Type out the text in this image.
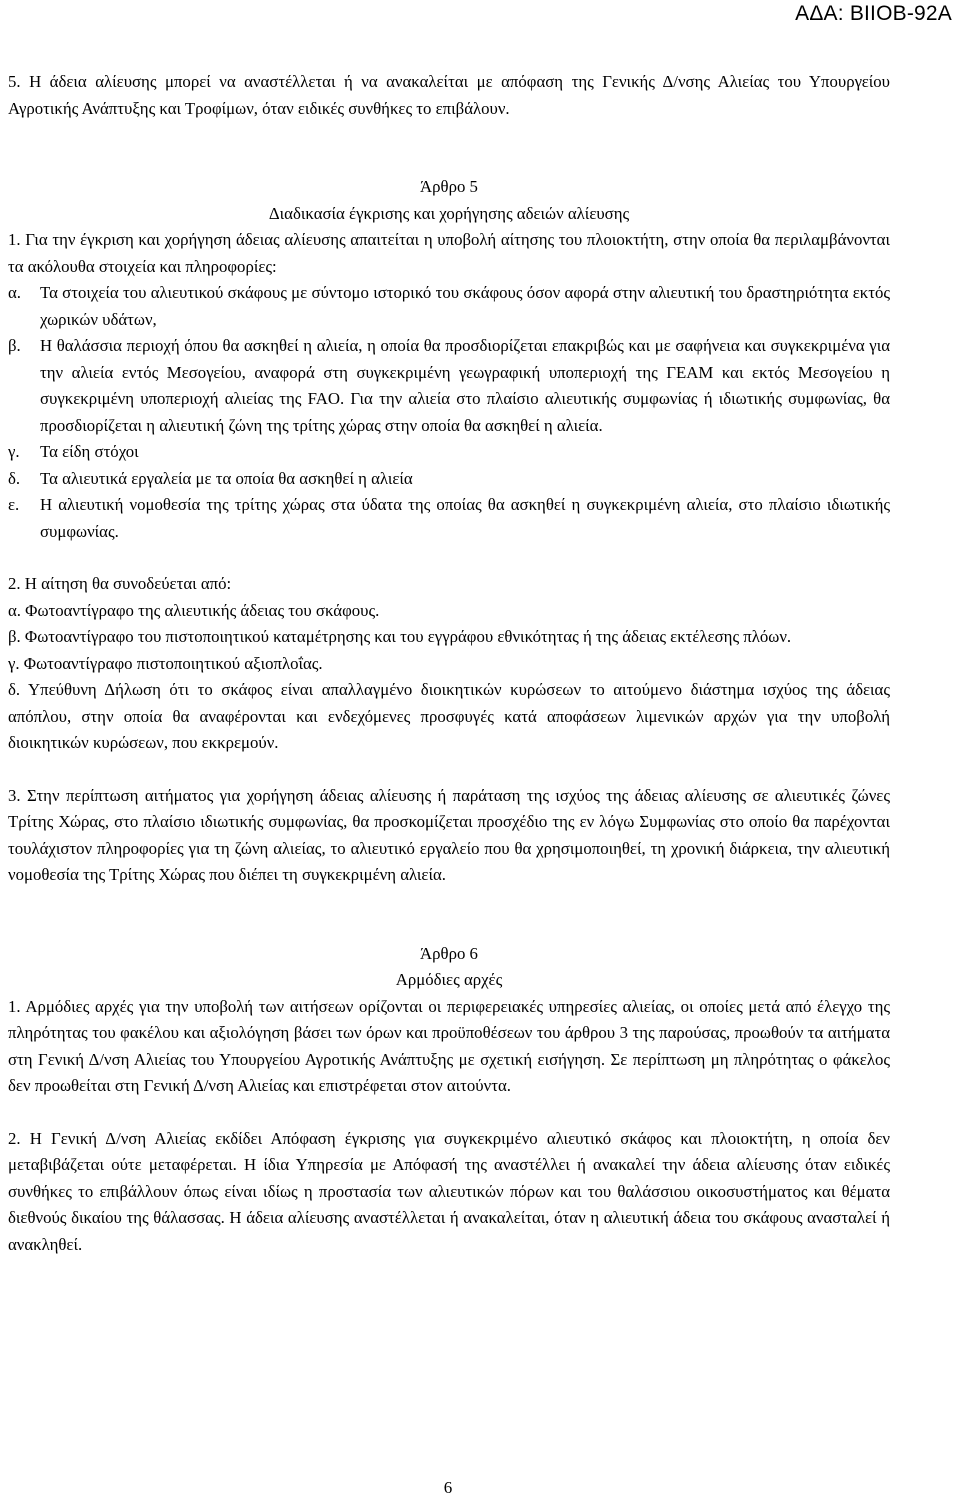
ΑΔΑ: ΒΙΙΟΒ-92Α

5. Η άδεια αλίευσης μπορεί να αναστέλλεται ή να ανακαλείται με απόφαση της Γενικής Δ/νσης Αλιείας του Υπουργείου Αγροτικής Ανάπτυξης και Τροφίμων, όταν ειδικές συνθήκες το επιβάλουν.

Άρθρο 5

Διαδικασία έγκρισης και χορήγησης αδειών αλίευσης

1. Για την έγκριση και χορήγηση άδειας αλίευσης απαιτείται η υποβολή αίτησης του πλοιοκτήτη, στην οποία θα περιλαμβάνονται τα ακόλουθα στοιχεία και πληροφορίες:

α.	Τα στοιχεία του αλιευτικού σκάφους με σύντομο ιστορικό του σκάφους όσον αφορά στην αλιευτική του δραστηριότητα εκτός χωρικών υδάτων,
β.	Η θαλάσσια περιοχή όπου θα ασκηθεί η αλιεία, η οποία θα προσδιορίζεται επακριβώς και με σαφήνεια και συγκεκριμένα για την αλιεία εντός Μεσογείου, αναφορά στη συγκεκριμένη γεωγραφική υποπεριοχή της ΓΕΑΜ και εκτός Μεσογείου η συγκεκριμένη υποπεριοχή αλιείας της FAO. Για την αλιεία στο πλαίσιο αλιευτικής συμφωνίας ή ιδιωτικής συμφωνίας, θα προσδιορίζεται η αλιευτική ζώνη της τρίτης χώρας στην οποία θα ασκηθεί η αλιεία.
γ.	Τα είδη στόχοι
δ.	Τα αλιευτικά εργαλεία με τα οποία θα ασκηθεί η αλιεία
ε.	Η αλιευτική νομοθεσία της τρίτης χώρας στα ύδατα της οποίας θα ασκηθεί η συγκεκριμένη αλιεία, στο πλαίσιο ιδιωτικής συμφωνίας.

2. Η αίτηση θα συνοδεύεται από:

α. Φωτοαντίγραφο της αλιευτικής άδειας του σκάφους.

β. Φωτοαντίγραφο του πιστοποιητικού καταμέτρησης και του εγγράφου εθνικότητας ή της άδειας εκτέλεσης πλόων.

γ. Φωτοαντίγραφο πιστοποιητικού αξιοπλοΐας.

δ. Υπεύθυνη Δήλωση ότι το σκάφος είναι απαλλαγμένο διοικητικών κυρώσεων το αιτούμενο διάστημα ισχύος της άδειας απόπλου, στην οποία θα αναφέρονται και ενδεχόμενες προσφυγές κατά αποφάσεων λιμενικών αρχών για την υποβολή διοικητικών κυρώσεων, που εκκρεμούν.

3. Στην περίπτωση αιτήματος για χορήγηση άδειας αλίευσης ή παράταση της ισχύος της άδειας αλίευσης σε αλιευτικές ζώνες Τρίτης Χώρας, στο πλαίσιο ιδιωτικής συμφωνίας, θα προσκομίζεται προσχέδιο της εν λόγω Συμφωνίας στο οποίο θα παρέχονται τουλάχιστον πληροφορίες για τη ζώνη αλιείας, το αλιευτικό εργαλείο που θα χρησιμοποιηθεί, τη χρονική διάρκεια, την αλιευτική νομοθεσία της Τρίτης Χώρας που διέπει τη συγκεκριμένη αλιεία.

Άρθρο 6

Αρμόδιες αρχές

1. Αρμόδιες αρχές για την υποβολή των αιτήσεων ορίζονται οι περιφερειακές υπηρεσίες αλιείας, οι οποίες μετά από έλεγχο της πληρότητας του φακέλου και αξιολόγηση βάσει των όρων και προϋποθέσεων του άρθρου 3 της παρούσας, προωθούν τα αιτήματα στη Γενική Δ/νση Αλιείας του Υπουργείου Αγροτικής Ανάπτυξης με σχετική εισήγηση. Σε περίπτωση μη πληρότητας ο φάκελος δεν προωθείται στη Γενική Δ/νση Αλιείας και επιστρέφεται στον αιτούντα.

2. Η Γενική Δ/νση Αλιείας εκδίδει Απόφαση έγκρισης για συγκεκριμένο αλιευτικό σκάφος και πλοιοκτήτη, η οποία δεν μεταβιβάζεται ούτε μεταφέρεται. Η ίδια Υπηρεσία με Απόφασή της αναστέλλει ή ανακαλεί την άδεια αλίευσης όταν ειδικές συνθήκες το επιβάλλουν όπως είναι ιδίως η προστασία των αλιευτικών πόρων και του θαλάσσιου οικοσυστήματος και θέματα διεθνούς δικαίου της θάλασσας. Η άδεια αλίευσης αναστέλλεται ή ανακαλείται, όταν η αλιευτική άδεια του σκάφους ανασταλεί ή ανακληθεί.

6
